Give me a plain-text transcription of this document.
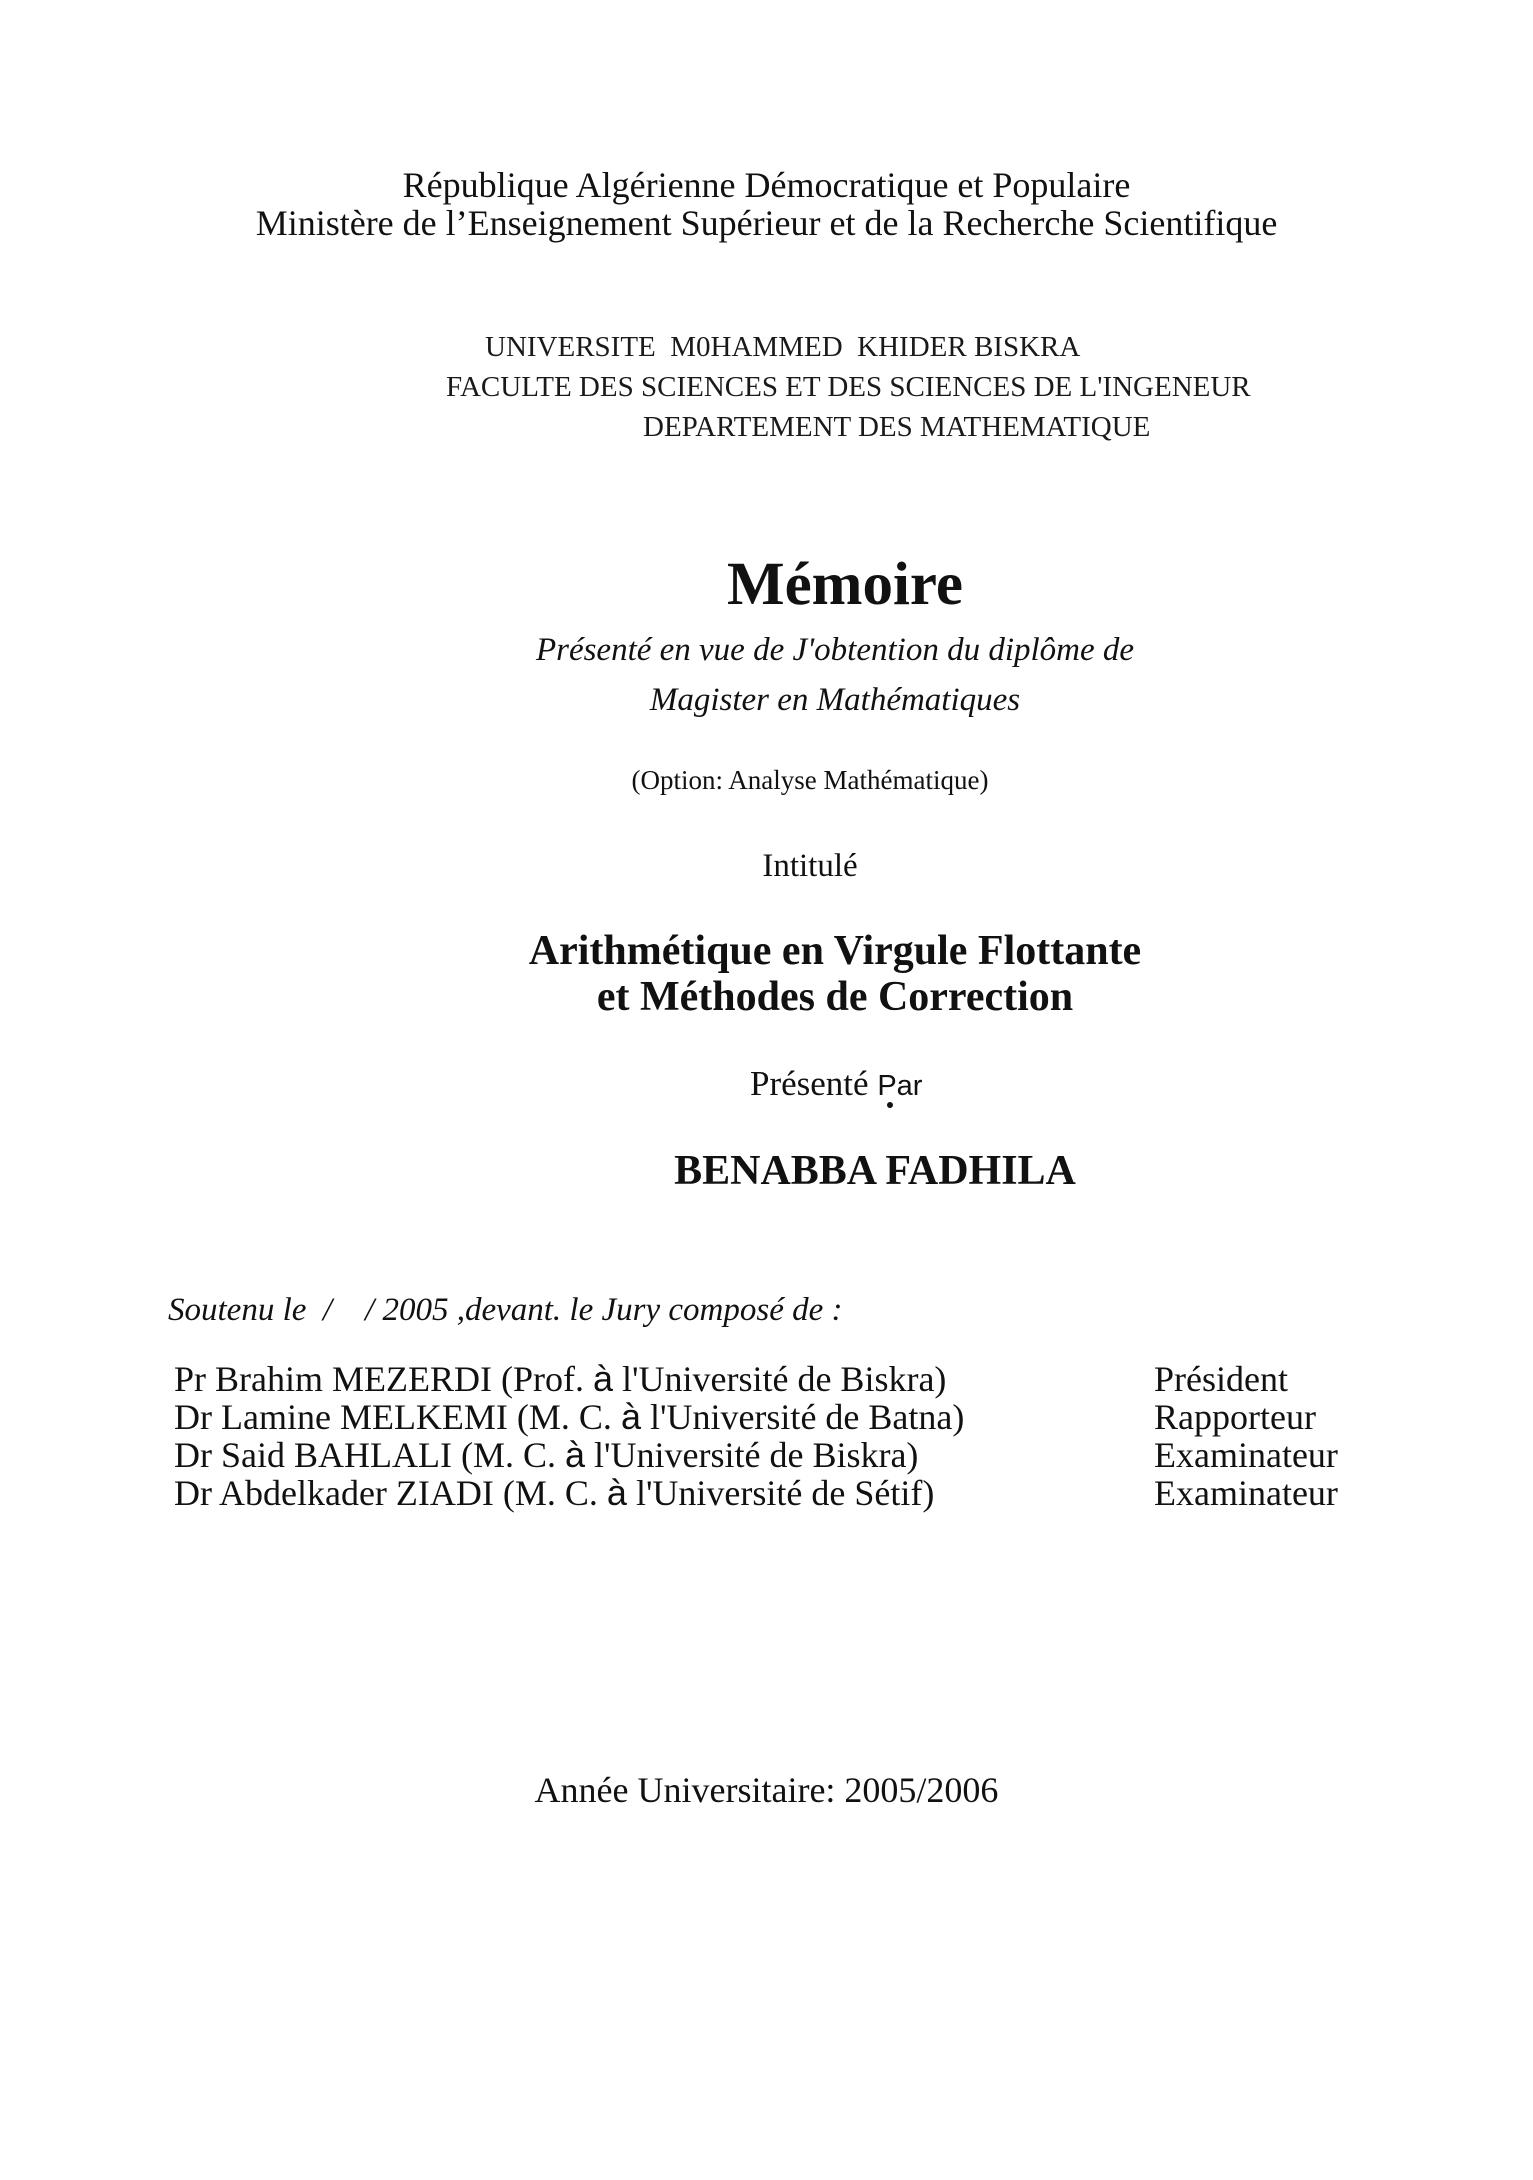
République Algérienne Démocratique et Populaire
Ministère de l’Enseignement Supérieur et de la Recherche Scientifique
UNIVERSITE  M0HAMMED  KHIDER BISKRA
FACULTE DES SCIENCES ET DES SCIENCES DE L'INGENEUR
DEPARTEMENT DES MATHEMATIQUE
Mémoire
Présenté en vue de J'obtention du diplôme de
Magister en Mathématiques
(Option: Analyse Mathématique)
Intitulé
Arithmétique en Virgule Flottante
et Méthodes de Correction
Présenté Par
BENABBA FADHILA
Soutenu le  /    / 2005 ,devant. le Jury composé de :
Pr Brahim MEZERDI (Prof. à l'Université de Biskra)	Président
Dr Lamine MELKEMI (M. C. à l'Université de Batna)	Rapporteur
Dr Said BAHLALI (M. C. à l'Université de Biskra)	Examinateur
Dr Abdelkader ZIADI (M. C. à l'Université de Sétif)	Examinateur
Année Universitaire: 2005/2006
